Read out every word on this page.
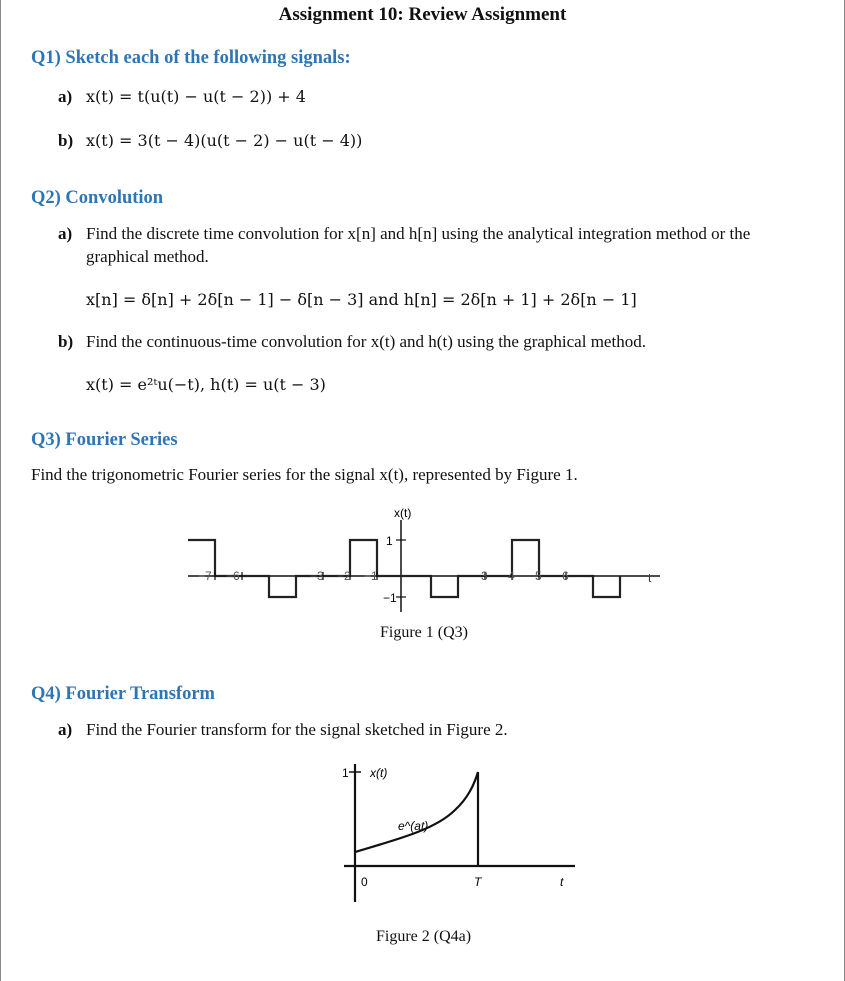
Assignment 10: Review Assignment
Q1) Sketch each of the following signals:
a) x(t) = t(u(t) − u(t − 2)) + 4
b) x(t) = 3(t − 4)(u(t − 2) − u(t − 4))
Q2) Convolution
a) Find the discrete time convolution for x[n] and h[n] using the analytical integration method or the
graphical method.
x[n] = δ[n] + 2δ[n − 1] − δ[n − 3] and h[n] = 2δ[n + 1] + 2δ[n − 1]
b) Find the continuous-time convolution for x(t) and h(t) using the graphical method.
x(t) = e²ᵗu(−t), h(t) = u(t − 3)
Q3) Fourier Series
Find the trigonometric Fourier series for the signal x(t), represented by Figure 1.
x(t)
1
−1
−7 −6	−3 −2 −1	3 4 5 6	t
Figure 1 (Q3)
Q4) Fourier Transform
a) Find the Fourier transform for the signal sketched in Figure 2.
1 x(t)
e^(at)
0	T	t
Figure 2 (Q4a)
